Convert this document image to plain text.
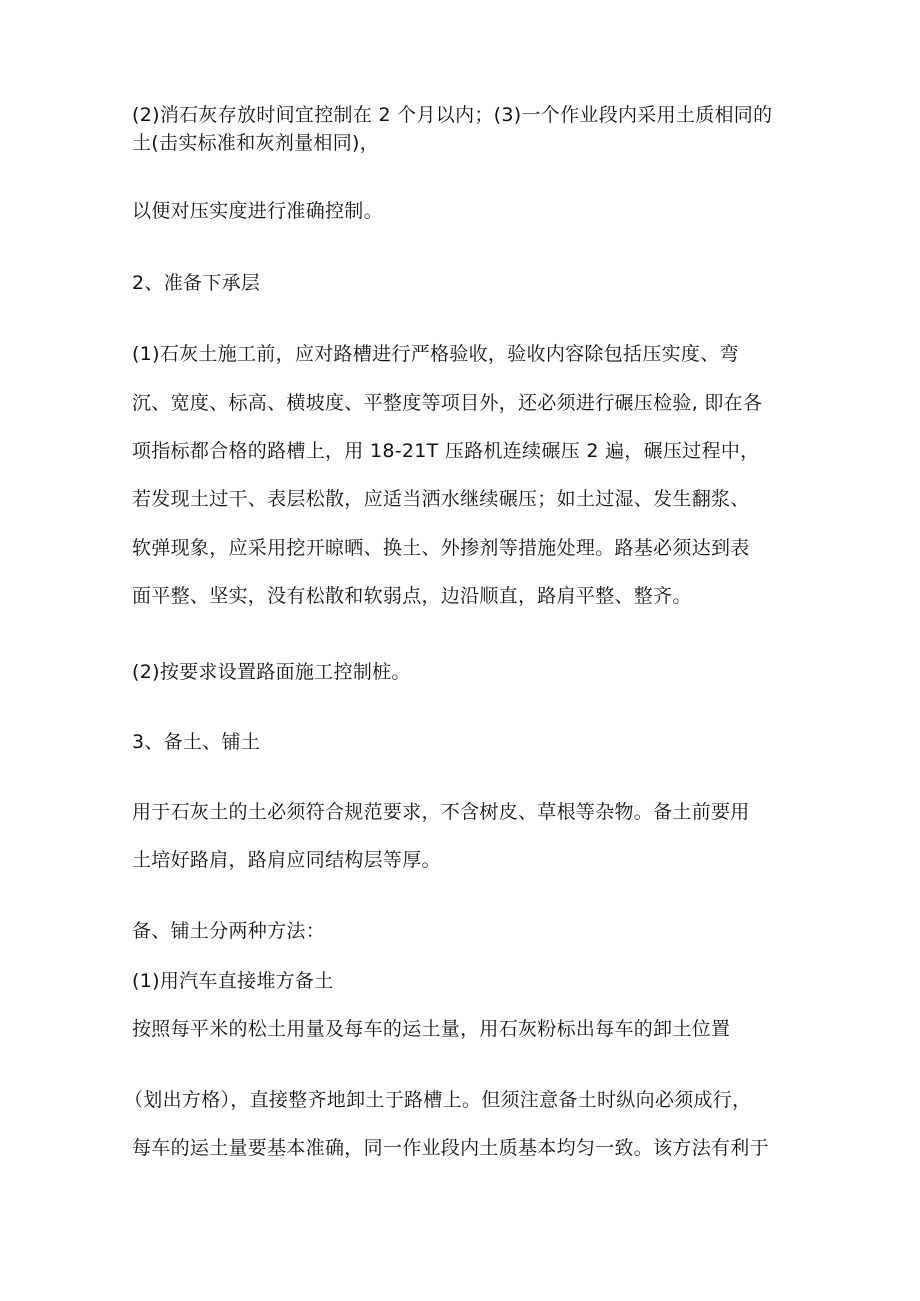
(2)消石灰存放时间宜控制在 2 个月以内；(3)一个作业段内采用土质相同的
土(击实标准和灰剂量相同)，
以便对压实度进行准确控制。
2、准备下承层
(1)石灰土施工前，应对路槽进行严格验收，验收内容除包括压实度、弯
沉、宽度、标高、横坡度、平整度等项目外，还必须进行碾压检验, 即在各
项指标都合格的路槽上，用 18-21T 压路机连续碾压 2 遍，碾压过程中，
若发现土过干、表层松散，应适当洒水继续碾压；如土过湿、发生翻浆、
软弹现象，应采用挖开晾晒、换土、外掺剂等措施处理。路基必须达到表
面平整、坚实，没有松散和软弱点，边沿顺直，路肩平整、整齐。
(2)按要求设置路面施工控制桩。
3、备土、铺土
用于石灰土的土必须符合规范要求，不含树皮、草根等杂物。备土前要用
土培好路肩，路肩应同结构层等厚。
备、铺土分两种方法：
(1)用汽车直接堆方备土
按照每平米的松土用量及每车的运土量，用石灰粉标出每车的卸土位置
（划出方格），直接整齐地卸土于路槽上。但须注意备土时纵向必须成行，
每车的运土量要基本准确，同一作业段内土质基本均匀一致。该方法有利于
